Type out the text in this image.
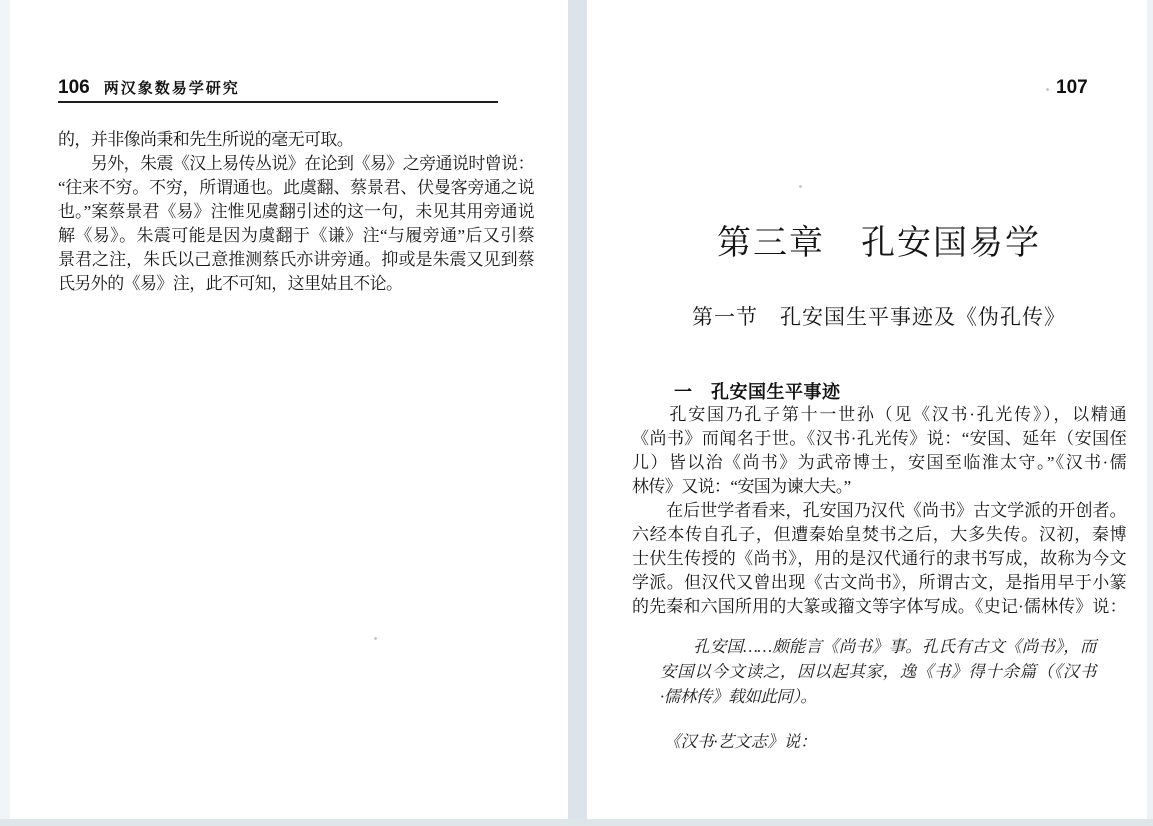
106 两汉象数易学研究
的，并非像尚秉和先生所说的毫无可取。
　　另外，朱震《汉上易传丛说》在论到《易》之旁通说时曾说：
“往来不穷。不穷，所谓通也。此虞翻、蔡景君、伏曼客旁通之说
也。”案蔡景君《易》注惟见虞翻引述的这一句，未见其用旁通说
解《易》。朱震可能是因为虞翻于《谦》注“与履旁通”后又引蔡
景君之注，朱氏以己意推测蔡氏亦讲旁通。抑或是朱震又见到蔡
氏另外的《易》注，此不可知，这里姑且不论。
107
第三章　孔安国易学
第一节　孔安国生平事迹及《伪孔传》
一　孔安国生平事迹
　　孔安国乃孔子第十一世孙（见《汉书·孔光传》），以精通
《尚书》而闻名于世。《汉书·孔光传》说：“安国、延年（安国侄
儿）皆以治《尚书》为武帝博士，安国至临淮太守。”《汉书·儒
林传》又说：“安国为谏大夫。”
　　在后世学者看来，孔安国乃汉代《尚书》古文学派的开创者。
六经本传自孔子，但遭秦始皇焚书之后，大多失传。汉初，秦博
士伏生传授的《尚书》，用的是汉代通行的隶书写成，故称为今文
学派。但汉代又曾出现《古文尚书》，所谓古文，是指用早于小篆
的先秦和六国所用的大篆或籀文等字体写成。《史记·儒林传》说：
　　孔安国……颇能言《尚书》事。孔氏有古文《尚书》，而
安国以今文读之，因以起其家，逸《书》得十余篇（《汉书
·儒林传》载如此同）。
《汉书·艺文志》说：
